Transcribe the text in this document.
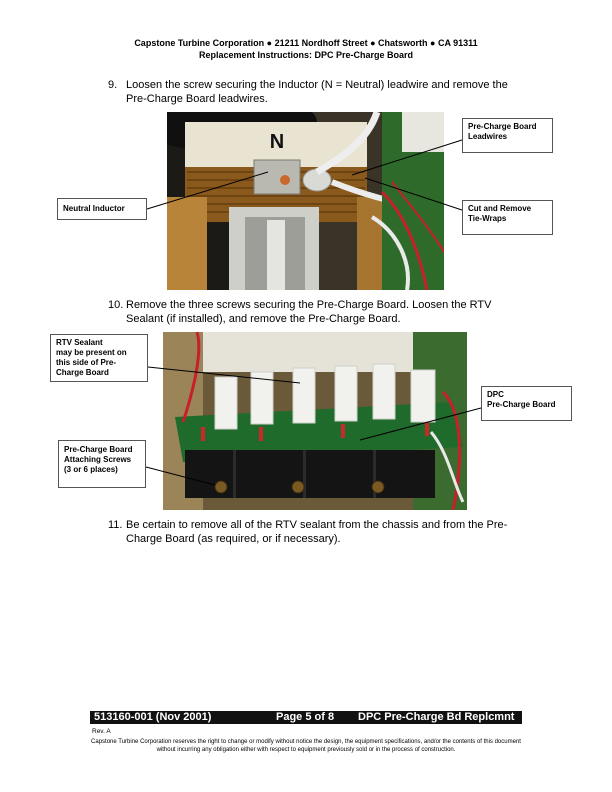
Capstone Turbine Corporation ● 21211 Nordhoff Street ● Chatsworth ● CA 91311
Replacement Instructions: DPC Pre-Charge Board
9. Loosen the screw securing the Inductor (N = Neutral) leadwire and remove the Pre-Charge Board leadwires.
N
Pre-Charge Board
Leadwires
Neutral Inductor	Cut and Remove
Tie-Wraps
10. Remove the three screws securing the Pre-Charge Board. Loosen the RTV Sealant (if installed), and remove the Pre-Charge Board.
RTV Sealant
may be present on
this side of Pre-
Charge Board
DPC
Pre-Charge Board
Pre-Charge Board
Attaching Screws
(3 or 6 places)
11. Be certain to remove all of the RTV sealant from the chassis and from the Pre-Charge Board (as required, or if necessary).
513160-001 (Nov 2001)	Page 5 of 8 DPC Pre-Charge Bd Replcmnt
Rev. A
Capstone Turbine Corporation reserves the right to change or modify without notice the design, the equipment specifications, and/or the contents of this document without incurring any obligation either with respect to equipment previously sold or in the process of construction.
